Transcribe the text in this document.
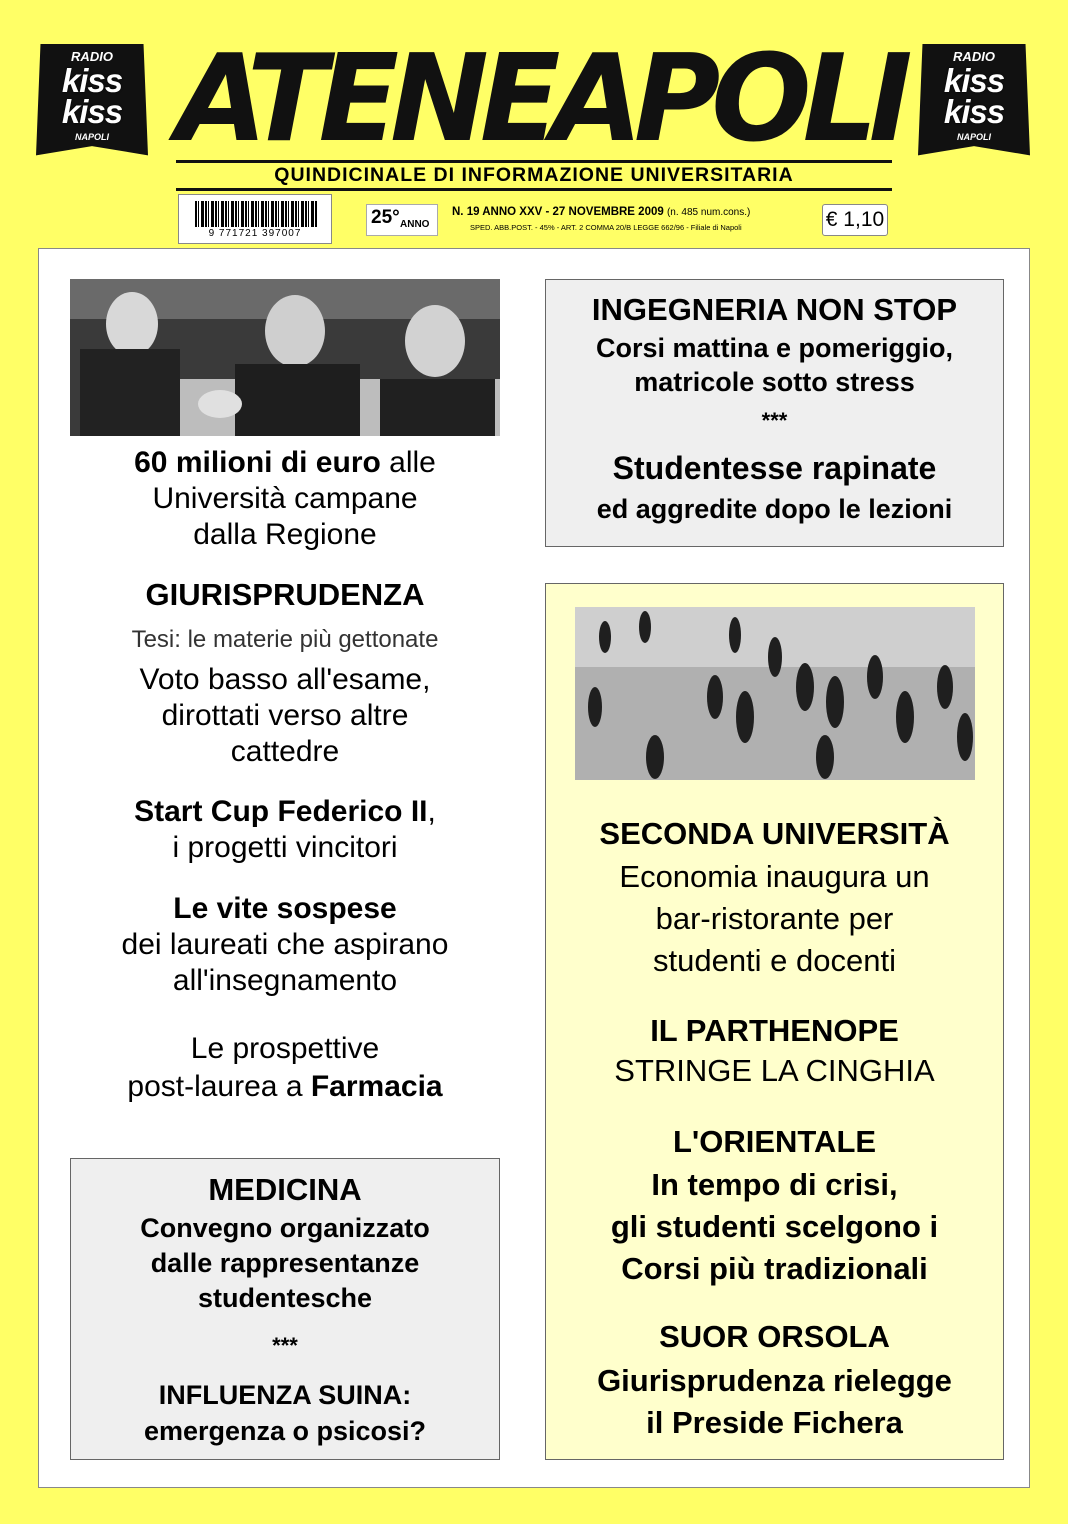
RADIO
kiss
kiss
NAPOLI
RADIO
kiss
kiss
NAPOLI
ATENEAPOLI
QUINDICINALE DI INFORMAZIONE UNIVERSITARIA
9 771721 397007
25° ANNO
N. 19 ANNO XXV - 27 NOVEMBRE 2009 (n. 485 num.cons.)
SPED. ABB.POST. - 45% - ART. 2 COMMA 20/B LEGGE 662/96 - Filiale di Napoli	€ 1,10
60 milioni di euro alle
Università campane
dalla Regione
GIURISPRUDENZA
Tesi: le materie più gettonate
Voto basso all'esame,
dirottati verso altre
cattedre
Start Cup Federico II,
i progetti vincitori
Le vite sospese
dei laureati che aspirano
all'insegnamento
Le prospettive
post-laurea a Farmacia
MEDICINA
Convegno organizzato
dalle rappresentanze
studentesche
***
INFLUENZA SUINA:
emergenza o psicosi?
INGEGNERIA NON STOP
Corsi mattina e pomeriggio,
matricole sotto stress
***
Studentesse rapinate
ed aggredite dopo le lezioni
SECONDA UNIVERSITÀ
Economia inaugura un
bar-ristorante per
studenti e docenti
IL PARTHENOPE
STRINGE LA CINGHIA
L'ORIENTALE
In tempo di crisi,
gli studenti scelgono i
Corsi più tradizionali
SUOR ORSOLA
Giurisprudenza rielegge
il Preside Fichera
